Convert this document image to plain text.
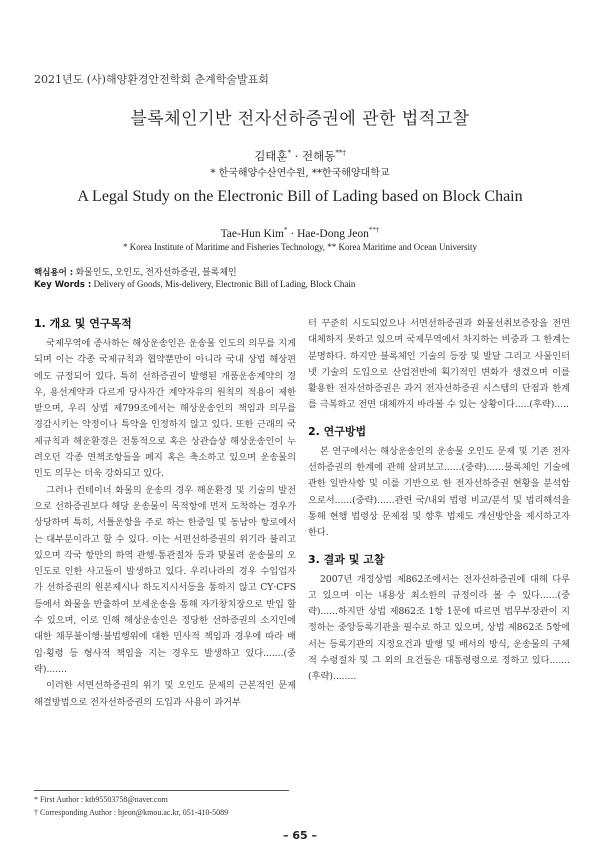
2021년도 (사)해양환경안전학회 춘계학술발표회
블록체인기반 전자선하증권에 관한 법적고찰
김태훈* · 전해동**†
* 한국해양수산연수원, **한국해양대학교
A Legal Study on the Electronic Bill of Lading based on Block Chain
Tae-Hun Kim* · Hae-Dong Jeon**†
* Korea Institute of Maritime and Fisheries Technology, ** Korea Maritime and Ocean University
핵심용어 : 화물인도, 오인도, 전자선하증권, 블록체인
Key Words : Delivery of Goods, Mis-delivery, Electronic Bill of Lading, Block Chain
1. 개요 및 연구목적

국제무역에 종사하는 해상운송인은 운송물 인도의 의무를 지게 되며 이는 각종 국제규칙과 협약뿐만이 아니라 국내 상법 해상편에도 규정되어 있다. 특히 선하증권이 발행된 개품운송계약의 경우, 용선계약과 다르게 당사자간 계약자유의 원칙의 적용이 제한받으며, 우리 상법 제799조에서는 해상운송인의 책임과 의무를 경감시키는 약정이나 특약을 인정하지 않고 있다. 또한 근래의 국제규칙과 해운환경은 전통적으로 혹은 상관습상 해상운송인이 누려오던 각종 면책조항들을 폐지 혹은 축소하고 있으며 운송물의 인도 의무는 더욱 강화되고 있다.

그러나 컨테이너 화물의 운송의 경우 해운환경 및 기술의 발전으로 선하증권보다 해당 운송물이 목적항에 먼저 도착하는 경우가 상당하며 특히, 서틀운항을 주로 하는 한중일 및 동남아 항로에서는 대부분이라고 할 수 있다. 이는 서편선하증권의 위기라 불리고 있으며 각국 항만의 하역 관행·통관절차 등과 맞물려 운송물의 오인도로 인한 사고들이 발생하고 있다. 우리나라의 경우 수입업자가 선하증권의 원본제시나 하도지시서등을 통하지 않고 CY·CFS 등에서 화물을 반출하여 보세운송을 통해 자가창치장으로 반입 할 수 있으며, 이로 인해 해상운송인은 정당한 선하증권의 소지인에 대한 채무불이행·불법행위에 대한 민사적 책임과 경우에 따라 배임·횡령 등 형사적 책임을 지는 경우도 발생하고 있다.......(중략).......

이러한 서면선하증권의 위기 및 오인도 문제의 근본적인 문제 해결방법으로 전자선하증권의 도입과 사용이 과거부

터 꾸준히 시도되었으나 서면선하증권과 화물선취보증장을 전면 대체하지 못하고 있으며 국제무역에서 차지하는 비중과 그 한계는 분명하다. 하지만 블록체인 기술의 등장 및 발달 그리고 사물인터넷 기술의 도입으로 산업전반에 획기적인 변화가 생겼으며 이를 활용한 전자선하증권은 과거 전자선하증권 시스템의 단점과 한계를 극복하고 전면 대체까지 바라볼 수 있는 상황이다.....(후략).....

2. 연구방법

본 연구에서는 해상운송인의 운송물 오인도 문제 및 기존 전자선하증권의 한계에 관해 살펴보고......(중략)......블록체인 기술에 관한 일반사항 및 이를 기반으로 한 전자선하증권 현황을 분석함으로서......(중략)......관련 국/내외 법령 비교/분석 및 법리해석을 통해 현행 법령상 문제점 및 향후 법제도 개선방안을 제시하고자 한다.

3. 결과 및 고찰

2007년 개정상법 제862조에서는 전자선하증권에 대해 다루고 있으며 이는 내용상 최소한의 규정이라 볼 수 있다......(중략)......하지만 상법 제862조 1항 1문에 따르면 법무부장관이 지정하는 중앙등록기관을 필수로 하고 있으며, 상법 제862조 5항에서는 등록기관의 지정요건과 발행 및 배서의 방식, 운송물의 구체적 수령절차 및 그 외의 요건들은 대통령령으로 정하고 있다.......(후략)........

* First Author : ktb95503758@naver.com
† Corresponding Author : hjeon@kmou.ac.kr, 051-410-5089
– 65 –
